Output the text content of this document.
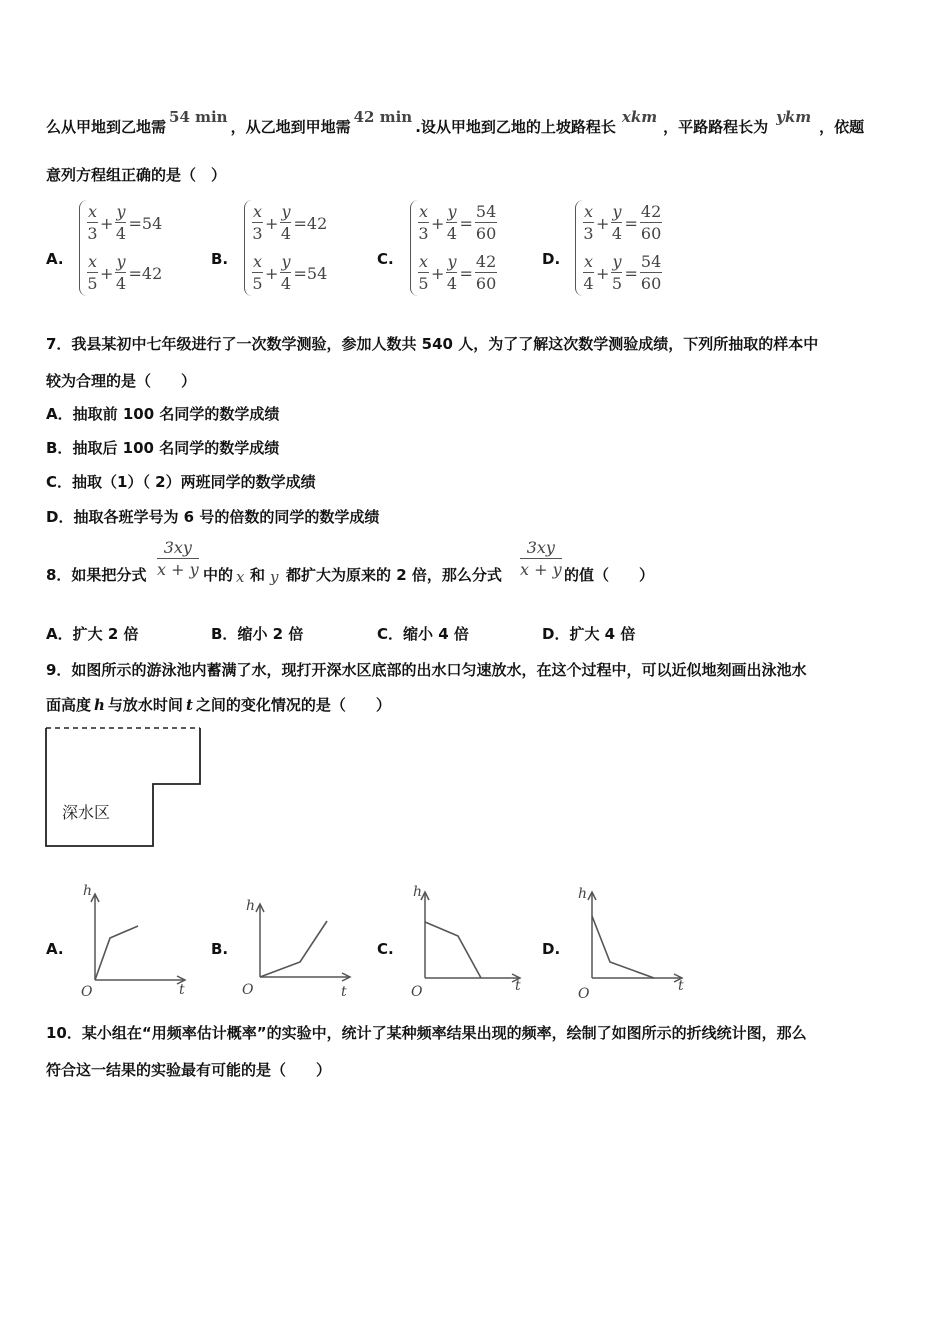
么从甲地到乙地需54 min，从乙地到甲地需42 min.设从甲地到乙地的上坡路程长xkm，平路路程长为ykm，依题
意列方程组正确的是（　）
A.
$\frac{x}{3} + \frac{y}{4} =54$
$\frac{x}{5} + \frac{y}{4} =42$
B.
$\frac{x}{3} + \frac{y}{4} =42$
$\frac{x}{5} + \frac{y}{4} =54$
C.
$\frac{x}{3} + \frac{y}{4} = \frac{54}{60}$
$\frac{x}{5} + \frac{y}{4} = \frac{42}{60}$	D.
$\frac{x}{3} + \frac{y}{4} = \frac{42}{60}$
$\frac{x}{4} + \frac{y}{5} = \frac{54}{60}$
7．我县某初中七年级进行了一次数学测验，参加人数共 540 人，为了了解这次数学测验成绩，下列所抽取的样本中
较为合理的是（　　）
A．抽取前 100 名同学的数学成绩
B．抽取后 100 名同学的数学成绩
C．抽取（1）（ 2）两班同学的数学成绩
D．抽取各班学号为 6 号的倍数的同学的数学成绩
8．如果把分式 $\frac{3xy}{x + y}$ 中的 x 和 y 都扩大为原来的 2 倍，那么分式 $\frac{3xy}{x + y}$ 的值（　　）
A．扩大 2 倍	B．缩小 2 倍	C．缩小 4 倍	D．扩大 4 倍
9．如图所示的游泳池内蓄满了水，现打开深水区底部的出水口匀速放水，在这个过程中，可以近似地刻画出泳池水
面高度 h 与放水时间 t 之间的变化情况的是（　　）
深水区
A.	B.	C.	D.
h
t
O
h
t
O
h
t
O
h
t
O
10．某小组在“用频率估计概率”的实验中，统计了某种频率结果出现的频率，绘制了如图所示的折线统计图，那么
符合这一结果的实验最有可能的是（　　）
